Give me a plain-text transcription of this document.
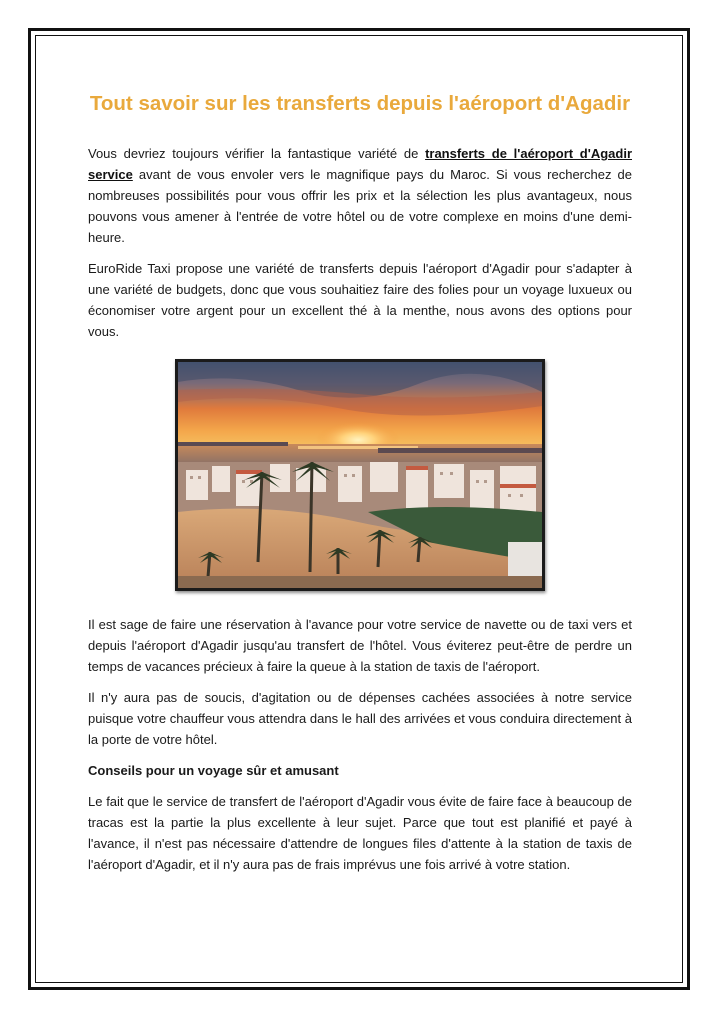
Tout savoir sur les transferts depuis l'aéroport d'Agadir

Vous devriez toujours vérifier la fantastique variété de transferts de l'aéroport d'Agadir service avant de vous envoler vers le magnifique pays du Maroc. Si vous recherchez de nombreuses possibilités pour vous offrir les prix et la sélection les plus avantageux, nous pouvons vous amener à l'entrée de votre hôtel ou de votre complexe en moins d'une demi-heure.

EuroRide Taxi propose une variété de transferts depuis l'aéroport d'Agadir pour s'adapter à une variété de budgets, donc que vous souhaitiez faire des folies pour un voyage luxueux ou économiser votre argent pour un excellent thé à la menthe, nous avons des options pour vous.

Il est sage de faire une réservation à l'avance pour votre service de navette ou de taxi vers et depuis l'aéroport d'Agadir jusqu'au transfert de l'hôtel. Vous éviterez peut-être de perdre un temps de vacances précieux à faire la queue à la station de taxis de l'aéroport.

Il n'y aura pas de soucis, d'agitation ou de dépenses cachées associées à notre service puisque votre chauffeur vous attendra dans le hall des arrivées et vous conduira directement à la porte de votre hôtel.

Conseils pour un voyage sûr et amusant

Le fait que le service de transfert de l'aéroport d'Agadir vous évite de faire face à beaucoup de tracas est la partie la plus excellente à leur sujet. Parce que tout est planifié et payé à l'avance, il n'est pas nécessaire d'attendre de longues files d'attente à la station de taxis de l'aéroport d'Agadir, et il n'y aura pas de frais imprévus une fois arrivé à votre station.
